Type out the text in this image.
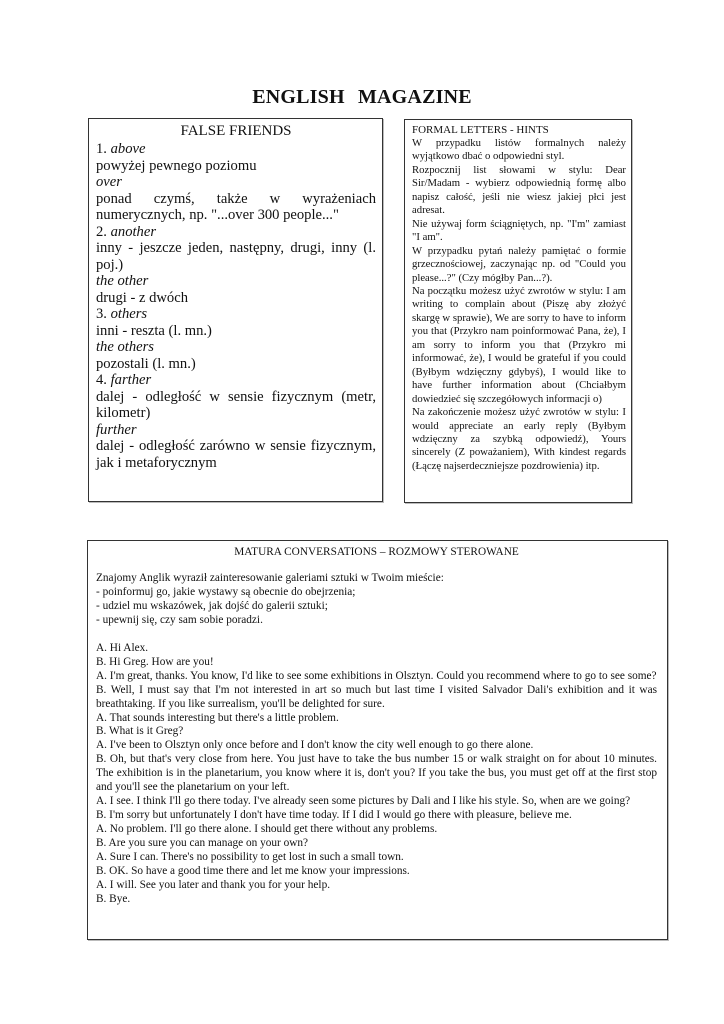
ENGLISH MAGAZINE
FALSE FRIENDS
1. above
powyżej pewnego poziomu
over
ponad czymś, także w wyrażeniach numerycznych, np. "...over 300 people..."
2. another
inny - jeszcze jeden, następny, drugi, inny (l. poj.)
the other
drugi - z dwóch
3. others
inni - reszta (l. mn.)
the others
pozostali (l. mn.)
4. farther
dalej - odległość w sensie fizycznym (metr, kilometr)
further
dalej - odległość zarówno w sensie fizycznym, jak i metaforycznym
FORMAL LETTERS - HINTS

W przypadku listów formalnych należy wyjątkowo dbać o odpowiedni styl.

Rozpocznij list słowami w stylu: Dear Sir/Madam - wybierz odpowiednią formę albo napisz całość, jeśli nie wiesz jakiej płci jest adresat.

Nie używaj form ściągniętych, np. "I'm" zamiast "I am".

W przypadku pytań należy pamiętać o formie grzecznościowej, zaczynając np. od "Could you please...?" (Czy mógłby Pan...?).

Na początku możesz użyć zwrotów w stylu: I am writing to complain about (Piszę aby złożyć skargę w sprawie), We are sorry to have to inform you that (Przykro nam poinformować Pana, że), I am sorry to inform you that (Przykro mi informować, że), I would be grateful if you could (Byłbym wdzięczny gdybyś), I would like to have further information about (Chciałbym dowiedzieć się szczegółowych informacji o)

Na zakończenie możesz użyć zwrotów w stylu: I would appreciate an early reply (Byłbym wdzięczny za szybką odpowiedź), Yours sincerely (Z poważaniem), With kindest regards (Łączę najserdeczniejsze pozdrowienia) itp.

MATURA CONVERSATIONS – ROZMOWY STEROWANE
Znajomy Anglik wyraził zainteresowanie galeriami sztuki w Twoim mieście:
- poinformuj go, jakie wystawy są obecnie do obejrzenia;
- udziel mu wskazówek, jak dojść do galerii sztuki;
- upewnij się, czy sam sobie poradzi.
A. Hi Alex.
B. Hi Greg. How are you!
A. I'm great, thanks. You know, I'd like to see some exhibitions in Olsztyn. Could you recommend where to go to see some?
B. Well, I must say that I'm not interested in art so much but last time I visited Salvador Dali's exhibition and it was breathtaking. If you like surrealism, you'll be delighted for sure.
A. That sounds interesting but there's a little problem.
B. What is it Greg?
A. I've been to Olsztyn only once before and I don't know the city well enough to go there alone.
B. Oh, but that's very close from here. You just have to take the bus number 15 or walk straight on for about 10 minutes. The exhibition is in the planetarium, you know where it is, don't you? If you take the bus, you must get off at the first stop and you'll see the planetarium on your left.
A. I see. I think I'll go there today. I've already seen some pictures by Dali and I like his style. So, when are we going?
B. I'm sorry but unfortunately I don't have time today. If I did I would go there with pleasure, believe me.
A. No problem. I'll go there alone. I should get there without any problems.
B. Are you sure you can manage on your own?
A. Sure I can. There's no possibility to get lost in such a small town.
B. OK. So have a good time there and let me know your impressions.
A. I will. See you later and thank you for your help.
B. Bye.
